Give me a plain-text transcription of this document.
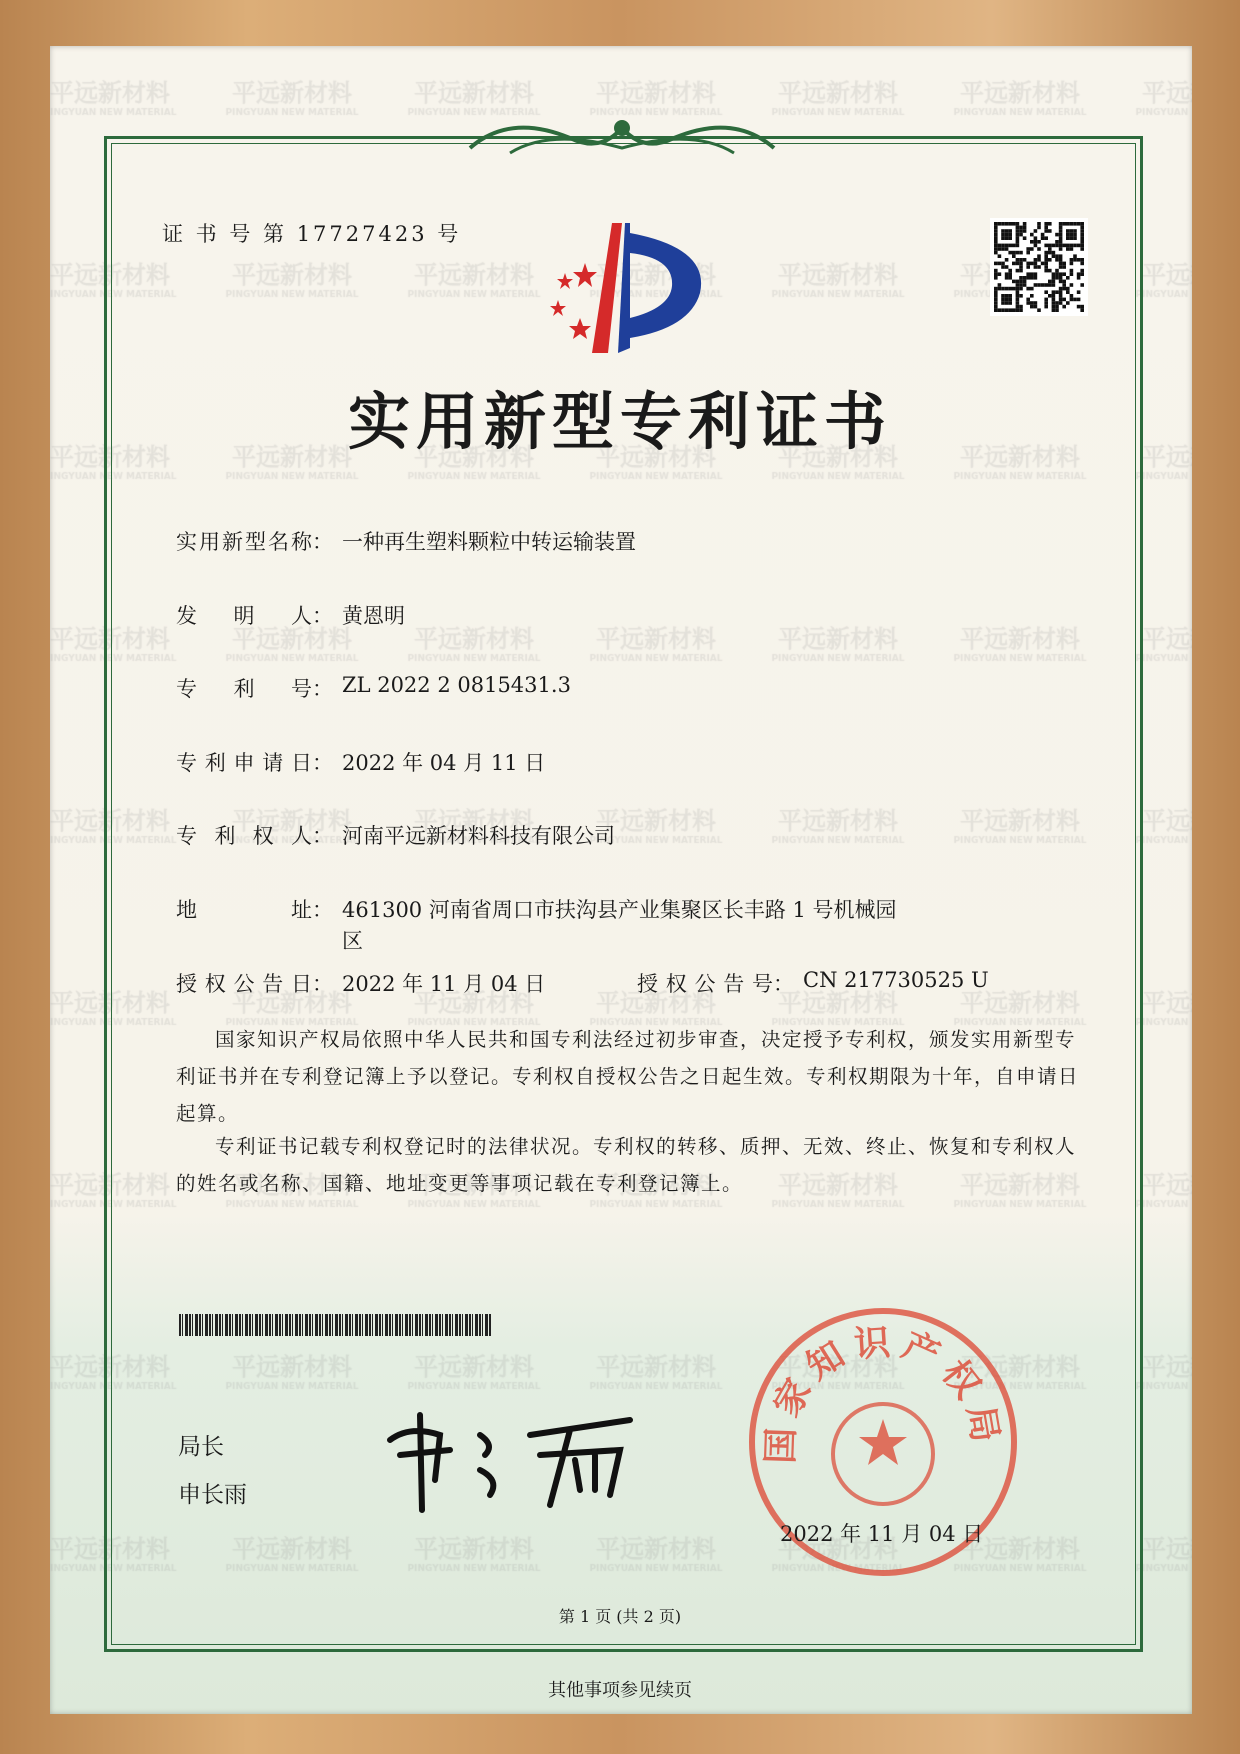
证 书 号 第 17727423 号
实用新型专利证书
实用新型名称 ： 一种再生塑料颗粒中转运输装置
发明人 ： 黄恩明
专利号 ： ZL 2022 2 0815431.3
专利申请日 ： 2022 年 04 月 11 日
专利权人 ： 河南平远新材料科技有限公司
地址 ： 461300 河南省周口市扶沟县产业集聚区长丰路 1 号机械园
区
授权公告日 ： 2022 年 11 月 04 日	授权公告号 ： CN 217730525 U
国家知识产权局依照中华人民共和国专利法经过初步审查，决定授予专利权，颁发实用新型专利证书并在专利登记簿上予以登记。专利权自授权公告之日起生效。专利权期限为十年，自申请日起算。
专利证书记载专利权登记时的法律状况。专利权的转移、质押、无效、终止、恢复和专利权人的姓名或名称、国籍、地址变更等事项记载在专利登记簿上。
局长
申长雨
国家知识产权局
2022 年 11 月 04 日
第 1 页 (共 2 页)
其他事项参见续页
